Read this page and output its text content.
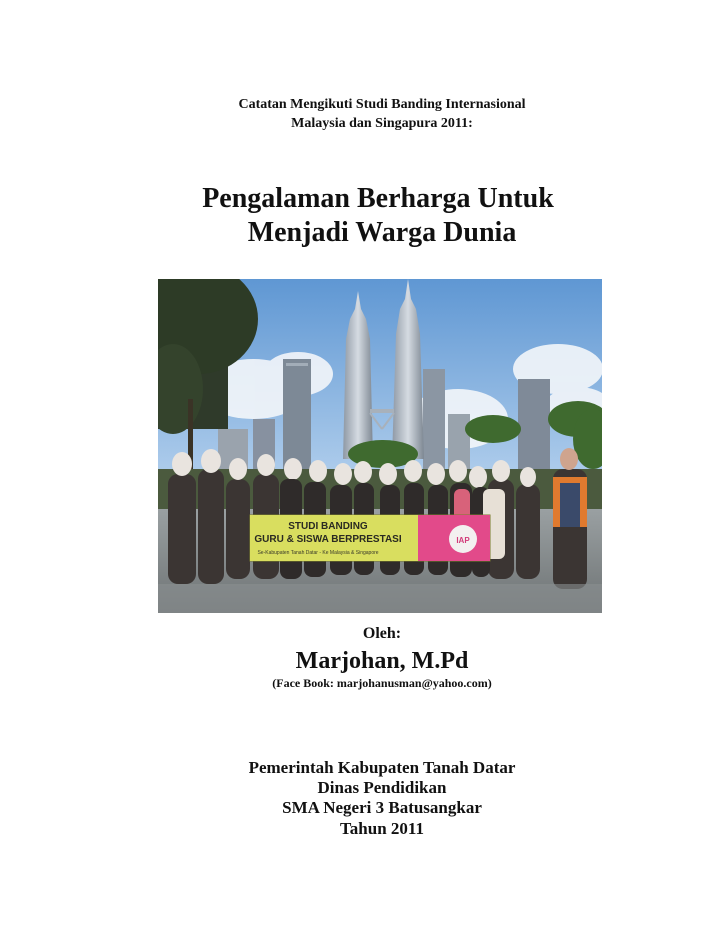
Catatan Mengikuti Studi Banding Internasional
Malaysia dan Singapura 2011:
Pengalaman Berharga Untuk
Menjadi Warga Dunia
STUDI BANDING
GURU & SISWA BERPRESTASI
Se-Kabupaten Tanah Datar - Ke Malaysia & Singapore
IAP
Oleh:
Marjohan, M.Pd
(Face Book: marjohanusman@yahoo.com)
Pemerintah Kabupaten Tanah Datar
Dinas Pendidikan
SMA Negeri 3 Batusangkar
Tahun 2011
